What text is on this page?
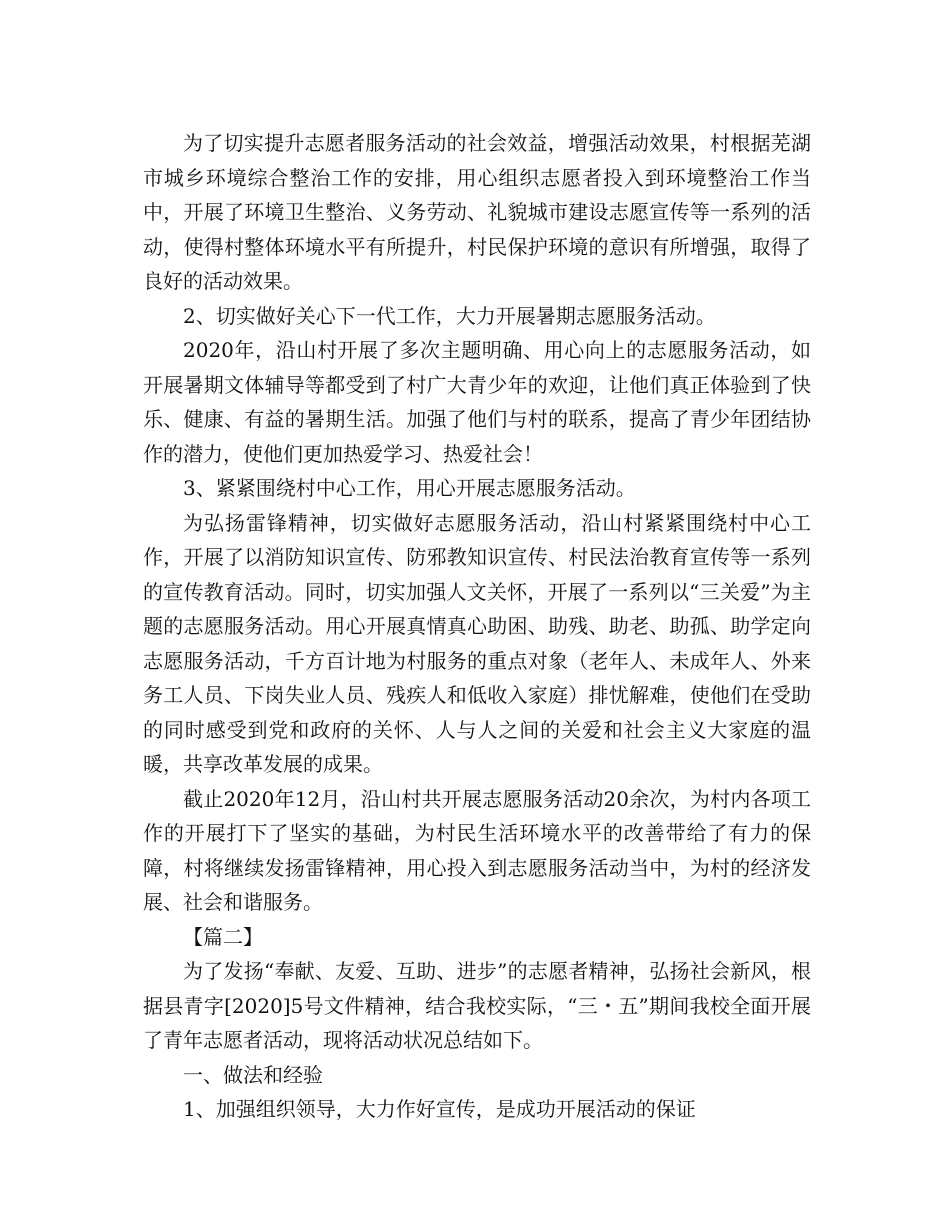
为了切实提升志愿者服务活动的社会效益，增强活动效果，村根据芜湖市城乡环境综合整治工作的安排，用心组织志愿者投入到环境整治工作当中，开展了环境卫生整治、义务劳动、礼貌城市建设志愿宣传等一系列的活动，使得村整体环境水平有所提升，村民保护环境的意识有所增强，取得了良好的活动效果。

2、切实做好关心下一代工作，大力开展暑期志愿服务活动。

2020年，沿山村开展了多次主题明确、用心向上的志愿服务活动，如开展暑期文体辅导等都受到了村广大青少年的欢迎，让他们真正体验到了快乐、健康、有益的暑期生活。加强了他们与村的联系，提高了青少年团结协作的潜力，使他们更加热爱学习、热爱社会！

3、紧紧围绕村中心工作，用心开展志愿服务活动。

为弘扬雷锋精神，切实做好志愿服务活动，沿山村紧紧围绕村中心工作，开展了以消防知识宣传、防邪教知识宣传、村民法治教育宣传等一系列的宣传教育活动。同时，切实加强人文关怀，开展了一系列以“三关爱”为主题的志愿服务活动。用心开展真情真心助困、助残、助老、助孤、助学定向志愿服务活动，千方百计地为村服务的重点对象（老年人、未成年人、外来务工人员、下岗失业人员、残疾人和低收入家庭）排忧解难，使他们在受助的同时感受到党和政府的关怀、人与人之间的关爱和社会主义大家庭的温暖，共享改革发展的成果。

截止2020年12月，沿山村共开展志愿服务活动20余次，为村内各项工作的开展打下了坚实的基础，为村民生活环境水平的改善带给了有力的保障，村将继续发扬雷锋精神，用心投入到志愿服务活动当中，为村的经济发展、社会和谐服务。

【篇二】

为了发扬“奉献、友爱、互助、进步”的志愿者精神，弘扬社会新风，根据县青字[2020]5号文件精神，结合我校实际，“三・五”期间我校全面开展了青年志愿者活动，现将活动状况总结如下。

一、做法和经验

1、加强组织领导，大力作好宣传，是成功开展活动的保证
